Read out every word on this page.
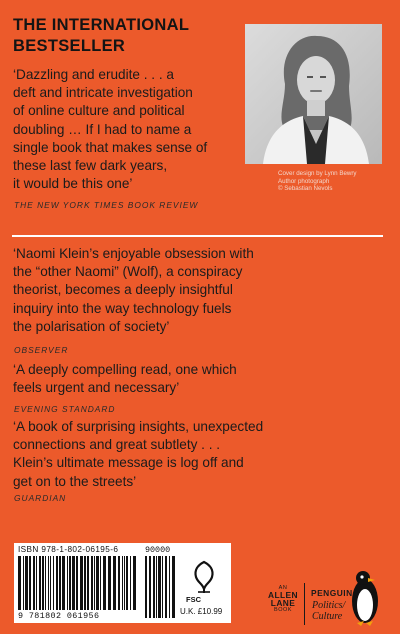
THE INTERNATIONAL
BESTSELLER
‘Dazzling and erudite . . . a
deft and intricate investigation
of online culture and political
doubling … If I had to name a
single book that makes sense of
these last few dark years,
it would be this one’
THE NEW YORK TIMES BOOK REVIEW
Cover design by Lynn Bewry
Author photograph
© Sebastian Nevols
‘Naomi Klein’s enjoyable obsession with
the “other Naomi” (Wolf), a conspiracy
theorist, becomes a deeply insightful
inquiry into the way technology fuels
the polarisation of society’
OBSERVER
‘A deeply compelling read, one which
feels urgent and necessary’
EVENING STANDARD
‘A book of surprising insights, unexpected
connections and great subtlety . . .
Klein’s ultimate message is log off and
get on to the streets’
GUARDIAN
ISBN 978-1-802-06195-6
9 781802 061956
90000
FSC
U.K. £10.99
AN
ALLEN
LANE
BOOK
PENGUIN
Politics/
Culture
